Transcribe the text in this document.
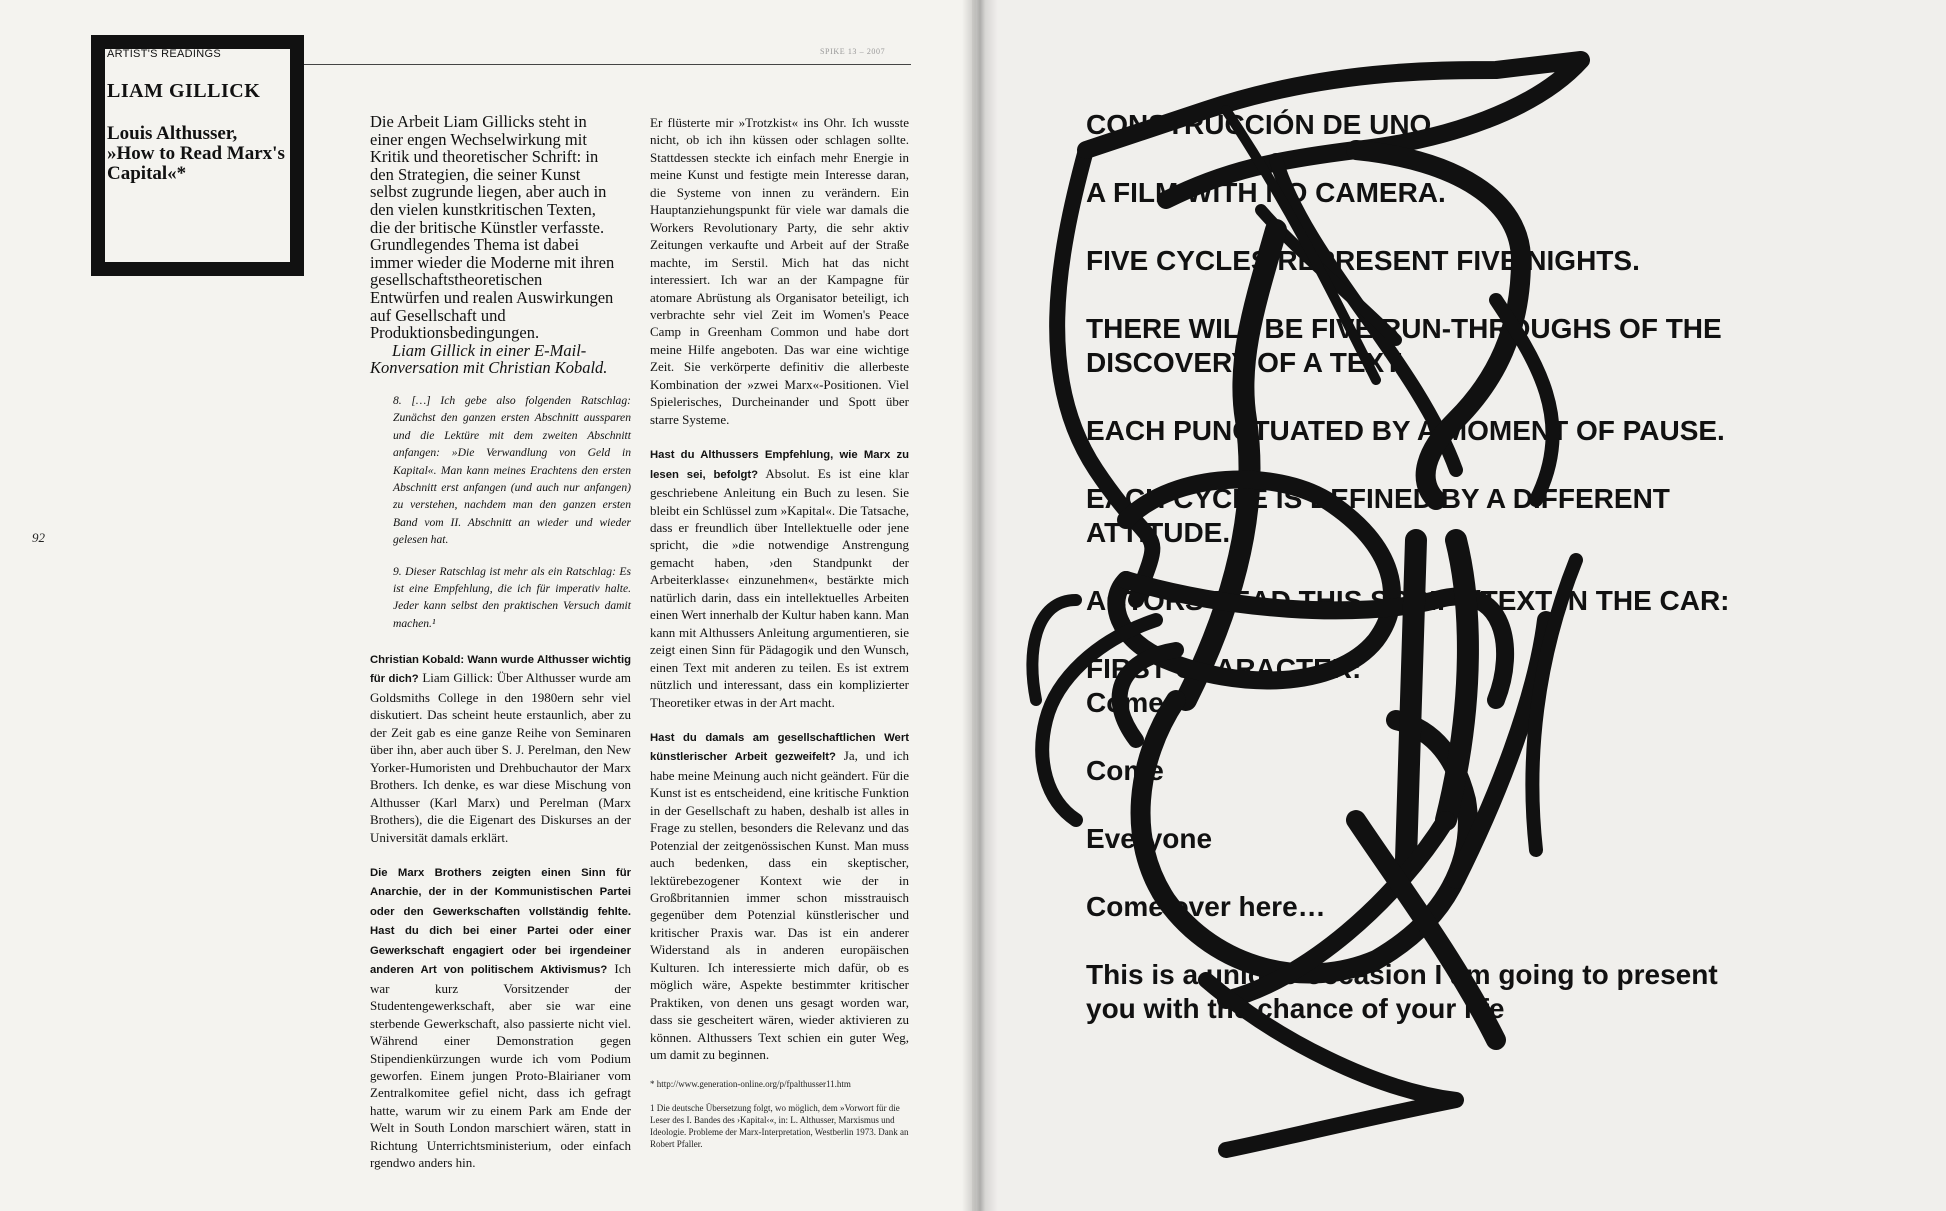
ARTIST'S READINGS
LIAM GILLICK
Louis Althusser, »How to Read Marx's Capital«*
SPIKE 13 – 2007
92

Die Arbeit Liam Gillicks steht in einer engen Wechselwirkung mit Kritik und theoretischer Schrift: in den Strategien, die seiner Kunst selbst zugrunde liegen, aber auch in den vielen kunstkritischen Texten, die der britische Künstler verfasste. Grundlegendes Thema ist dabei immer wieder die Moderne mit ihren gesellschaftstheoretischen Entwürfen und realen Auswirkungen auf Gesellschaft und Produktionsbedingungen.

Liam Gillick in einer E-Mail-Konversation mit Christian Kobald.

8. […] Ich gebe also folgenden Ratschlag: Zunächst den ganzen ersten Abschnitt aussparen und die Lektüre mit dem zweiten Abschnitt anfangen: »Die Verwandlung von Geld in Kapital«. Man kann meines Erachtens den ersten Abschnitt erst anfangen (und auch nur anfangen) zu verstehen, nachdem man den ganzen ersten Band vom II. Abschnitt an wieder und wieder gelesen hat.

9. Dieser Ratschlag ist mehr als ein Ratschlag: Es ist eine Empfehlung, die ich für imperativ halte. Jeder kann selbst den praktischen Versuch damit machen.¹

Christian Kobald: Wann wurde Althusser wichtig für dich? Liam Gillick: Über Althusser wurde am Goldsmiths College in den 1980ern sehr viel diskutiert. Das scheint heute erstaunlich, aber zu der Zeit gab es eine ganze Reihe von Seminaren über ihn, aber auch über S. J. Perelman, den New Yorker-Humoristen und Drehbuchautor der Marx Brothers. Ich denke, es war diese Mischung von Althusser (Karl Marx) und Perelman (Marx Brothers), die die Eigenart des Diskurses an der Universität damals erklärt.

Die Marx Brothers zeigten einen Sinn für Anarchie, der in der Kommunistischen Partei oder den Gewerkschaften vollständig fehlte. Hast du dich bei einer Partei oder einer Gewerkschaft engagiert oder bei irgendeiner anderen Art von politischem Aktivismus? Ich war kurz Vorsitzender der Studentengewerkschaft, aber sie war eine sterbende Gewerkschaft, also passierte nicht viel. Während einer Demonstration gegen Stipendienkürzungen wurde ich vom Podium geworfen. Einem jungen Proto-Blairianer vom Zentralkomitee gefiel nicht, dass ich gefragt hatte, warum wir zu einem Park am Ende der Welt in South London marschiert wären, statt in Richtung Unterrichtsministerium, oder einfach rgendwo anders hin.

Er flüsterte mir »Trotzkist« ins Ohr. Ich wusste nicht, ob ich ihn küssen oder schlagen sollte. Stattdessen steckte ich einfach mehr Energie in meine Kunst und festigte mein Interesse daran, die Systeme von innen zu verändern. Ein Hauptanziehungspunkt für viele war damals die Workers Revolutionary Party, die sehr aktiv Zeitungen verkaufte und Arbeit auf der Straße machte, im Serstil. Mich hat das nicht interessiert. Ich war an der Kampagne für atomare Abrüstung als Organisator beteiligt, ich verbrachte sehr viel Zeit im Women's Peace Camp in Greenham Common und habe dort meine Hilfe angeboten. Das war eine wichtige Zeit. Sie verkörperte definitiv die allerbeste Kombination der »zwei Marx«-Positionen. Viel Spielerisches, Durcheinander und Spott über starre Systeme.

Hast du Althussers Empfehlung, wie Marx zu lesen sei, befolgt? Absolut. Es ist eine klar geschriebene Anleitung ein Buch zu lesen. Sie bleibt ein Schlüssel zum »Kapital«. Die Tatsache, dass er freundlich über Intellektuelle oder jene spricht, die »die notwendige Anstrengung gemacht haben, ›den Standpunkt der Arbeiterklasse‹ einzunehmen«, bestärkte mich natürlich darin, dass ein intellektuelles Arbeiten einen Wert innerhalb der Kultur haben kann. Man kann mit Althussers Anleitung argumentieren, sie zeigt einen Sinn für Pädagogik und den Wunsch, einen Text mit anderen zu teilen. Es ist extrem nützlich und interessant, dass ein komplizierter Theoretiker etwas in der Art macht.

Hast du damals am gesellschaftlichen Wert künstlerischer Arbeit gezweifelt? Ja, und ich habe meine Meinung auch nicht geändert. Für die Kunst ist es entscheidend, eine kritische Funktion in der Gesellschaft zu haben, deshalb ist alles in Frage zu stellen, besonders die Relevanz und das Potenzial der zeitgenössischen Kunst. Man muss auch bedenken, dass ein skeptischer, lektürebezogener Kontext wie der in Großbritannien immer schon misstrauisch gegenüber dem Potenzial künstlerischer und kritischer Praxis war. Das ist ein anderer Widerstand als in anderen europäischen Kulturen. Ich interessierte mich dafür, ob es möglich wäre, Aspekte bestimmter kritischer Praktiken, von denen uns gesagt worden war, dass sie gescheitert wären, wieder aktivieren zu können. Althussers Text schien ein guter Weg, um damit zu beginnen.

* http://www.generation-online.org/p/fpalthusser11.htm

1 Die deutsche Übersetzung folgt, wo möglich, dem »Vorwort für die Leser des I. Bandes des ›Kapital‹«, in: L. Althusser, Marxismus und Ideologie. Probleme der Marx-Interpretation, Westberlin 1973. Dank an Robert Pfaller.

CONSTRUCCIÓN DE UNO
A FILM WITH NO CAMERA.
FIVE CYCLES REPRESENT FIVE NIGHTS.
THERE WILL BE FIVE RUN-THROUGHS OF THE
DISCOVERY OF A TEXT.
EACH PUNCTUATED BY A MOMENT OF PAUSE.
EACH CYCLE IS DEFINED BY A DIFFERENT
ATTITUDE.
ACTORS READ THIS SCRIPT/TEXT IN THE CAR:
FIRST CHARACTER:
Come
Come
Everyone
Come over here…
This is a unique occasion I am going to present
you with the chance of your life
